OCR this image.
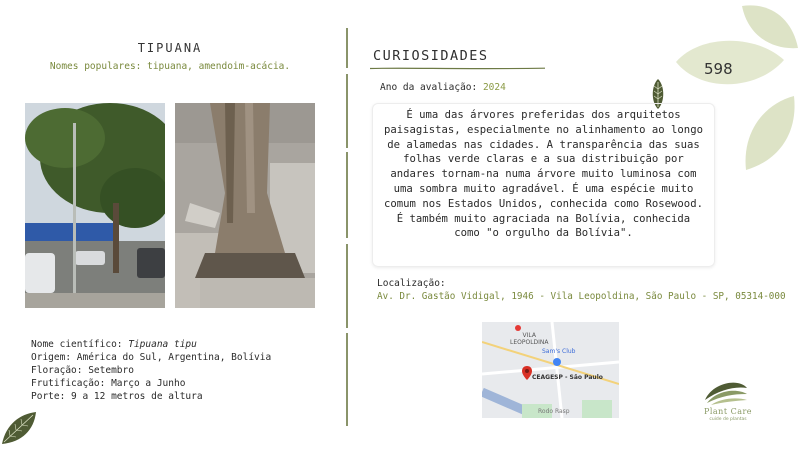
598
TIPUANA
Nomes populares: tipuana, amendoim-acácia.
Nome científico: Tipuana tipu
Origem: América do Sul, Argentina, Bolívia
Floração: Setembro
Frutificação: Março a Junho
Porte: 9 a 12 metros de altura
CURIOSIDADES
Ano da avaliação: 2024
É uma das árvores preferidas dos arquitetos paisagistas, especialmente no alinhamento ao longo de alamedas nas cidades. A transparência das suas folhas verde claras e a sua distribuição por andares tornam-na numa árvore muito luminosa com uma sombra muito agradável. É uma espécie muito comum nos Estados Unidos, conhecida como Rosewood. É também muito agraciada na Bolívia, conhecida como "o orgulho da Bolívia".
Localização:
Av. Dr. Gastão Vidigal, 1946 - Vila Leopoldina, São Paulo - SP, 05314-000
VILA
LEOPOLDINA
Sam's Club
CEAGESP - São Paulo
Rodo Rasp	Plant Care
cuide de plantas
